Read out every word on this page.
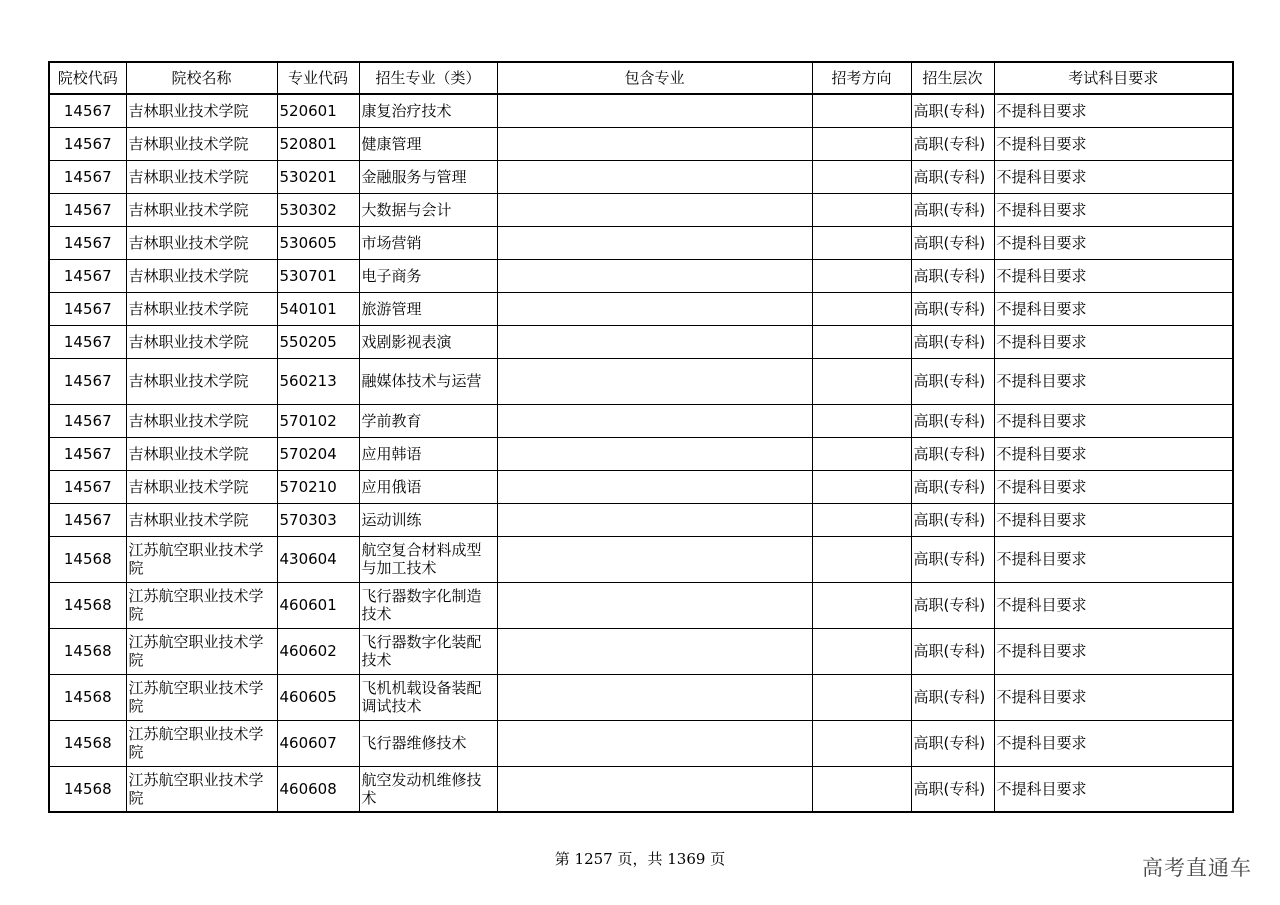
院校代码	院校名称	专业代码	招生专业（类）	包含专业	招考方向	招生层次	考试科目要求
14567	吉林职业技术学院	520601	康复治疗技术			高职(专科)	不提科目要求
14567	吉林职业技术学院	520801	健康管理			高职(专科)	不提科目要求
14567	吉林职业技术学院	530201	金融服务与管理			高职(专科)	不提科目要求
14567	吉林职业技术学院	530302	大数据与会计			高职(专科)	不提科目要求
14567	吉林职业技术学院	530605	市场营销			高职(专科)	不提科目要求
14567	吉林职业技术学院	530701	电子商务			高职(专科)	不提科目要求
14567	吉林职业技术学院	540101	旅游管理			高职(专科)	不提科目要求
14567	吉林职业技术学院	550205	戏剧影视表演			高职(专科)	不提科目要求
14567	吉林职业技术学院	560213	融媒体技术与运营			高职(专科)	不提科目要求
14567	吉林职业技术学院	570102	学前教育			高职(专科)	不提科目要求
14567	吉林职业技术学院	570204	应用韩语			高职(专科)	不提科目要求
14567	吉林职业技术学院	570210	应用俄语			高职(专科)	不提科目要求
14567	吉林职业技术学院	570303	运动训练			高职(专科)	不提科目要求
14568	江苏航空职业技术学院	430604	航空复合材料成型与加工技术			高职(专科)	不提科目要求
14568	江苏航空职业技术学院	460601	飞行器数字化制造技术			高职(专科)	不提科目要求
14568	江苏航空职业技术学院	460602	飞行器数字化装配技术			高职(专科)	不提科目要求
14568	江苏航空职业技术学院	460605	飞机机载设备装配调试技术			高职(专科)	不提科目要求
14568	江苏航空职业技术学院	460607	飞行器维修技术			高职(专科)	不提科目要求
14568	江苏航空职业技术学院	460608	航空发动机维修技术			高职(专科)	不提科目要求
第 1257 页，共 1369 页	高考直通车
